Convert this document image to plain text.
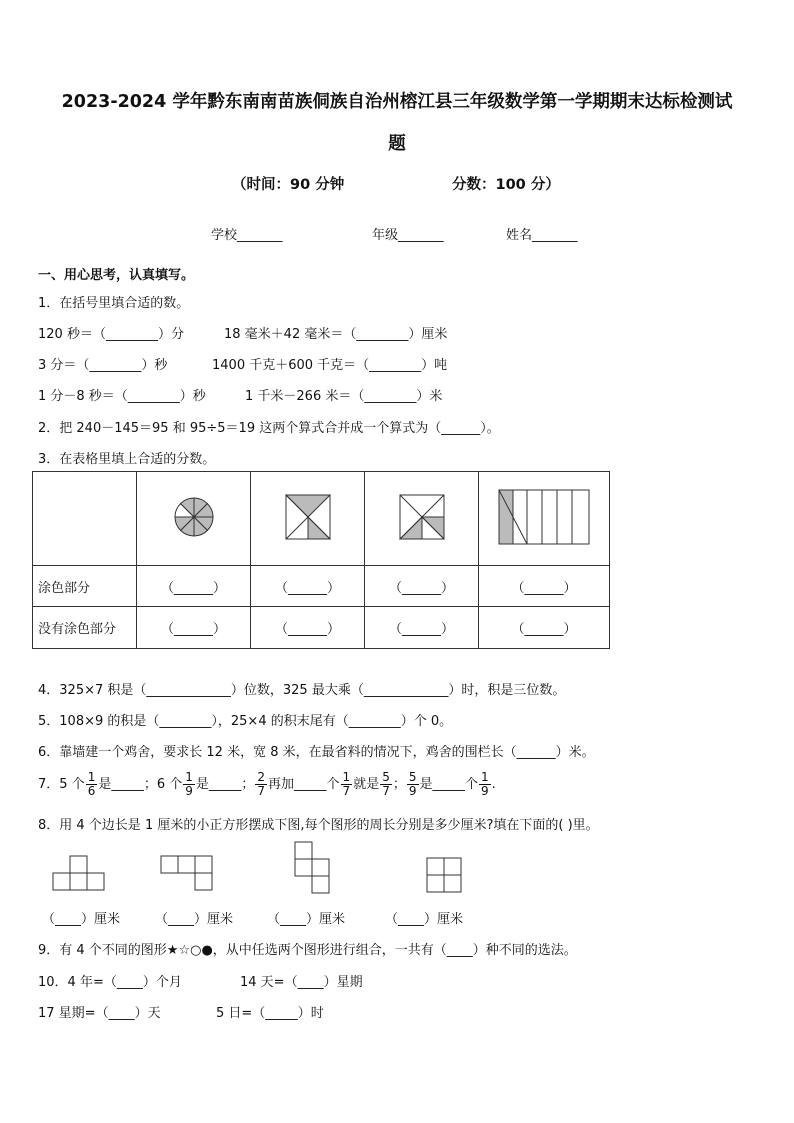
2023-2024 学年黔东南南苗族侗族自治州榕江县三年级数学第一学期期末达标检测试
题
（时间：90 分钟	分数：100 分）
学校_______	年级_______	姓名_______
一、用心思考，认真填写。
1．在括号里填合适的数。
120 秒＝（________）分	18 毫米＋42 毫米＝（________）厘米
3 分＝（________）秒	1400 千克＋600 千克＝（________）吨
1 分－8 秒＝（________）秒	1 千米－266 米＝（________）米
2．把 240－145＝95 和 95÷5＝19 这两个算式合并成一个算式为（______）。
3．在表格里填上合适的分数。

涂色部分	（______）	（______）	（______）	（______）
没有涂色部分	（______）	（______）	（______）	（______）
4．325×7 积是（_____________）位数，325 最大乘（_____________）时，积是三位数。
5．108×9 的积是（________），25×4 的积末尾有（________）个 0。
6．靠墙建一个鸡舍，要求长 12 米，宽 8 米，在最省料的情况下，鸡舍的围栏长（______）米。
7．5 个 $\frac{1}{6}$ 是_____；6 个 $\frac{1}{9}$ 是_____； $\frac{2}{7}$ 再加_____个 $\frac{1}{7}$ 就是 $\frac{5}{7}$ ； $\frac{5}{9}$ 是_____个 $\frac{1}{9}$ .
8．用 4 个边长是 1 厘米的小正方形摆成下图,每个图形的周长分别是多少厘米?填在下面的( )里。
（____）厘米	（____）厘米	（____）厘米	（____）厘米
9．有 4 个不同的图形★☆○●，从中任选两个图形进行组合，一共有（____）种不同的选法。
10．4 年=（____）个月	14 天=（____）星期
17 星期=（____）天	5 日=（_____）时
